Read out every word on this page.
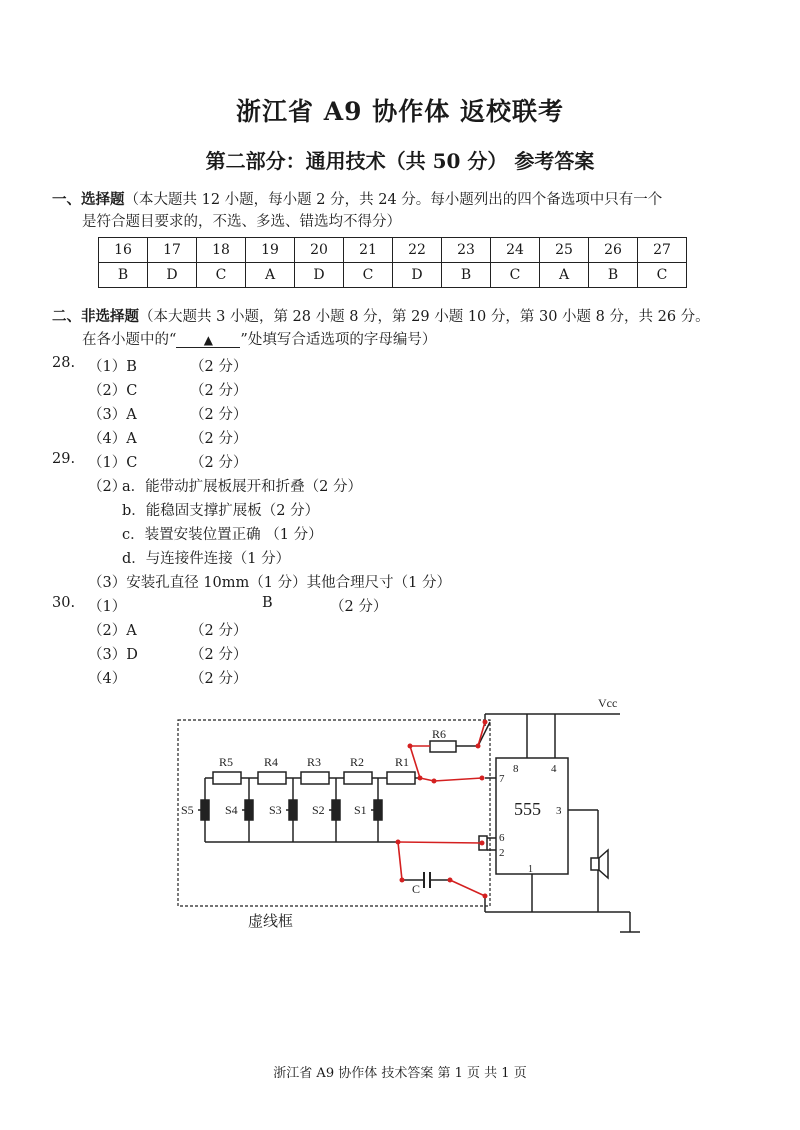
浙江省 A9 协作体 返校联考
第二部分：通用技术（共 50 分） 参考答案
一、选择题（本大题共 12 小题，每小题 2 分，共 24 分。每小题列出的四个备选项中只有一个
是符合题目要求的，不选、多选、错选均不得分）
16	17	18	19	20	21	22	23	24	25	26	27
B	D	C	A	D	C	D	B	C	A	B	C
二、非选择题（本大题共 3 小题，第 28 小题 8 分，第 29 小题 10 分，第 30 小题 8 分，共 26 分。
在各小题中的“ ▲ ”处填写合适选项的字母编号）
28. （1）B	（2 分）
（2）C	（2 分）
（3）A	（2 分）
（4）A	（2 分）
29. （1）C	（2 分）
（2）
a．能带动扩展板展开和折叠（2 分）
b．能稳固支撑扩展板（2 分）
c．装置安装位置正确 （1 分）
d．与连接件连接（1 分）
（3）安装孔直径 10mm（1 分）其他合理尺寸（1 分）
30. （1）	B	（2 分）
（2）A	（2 分）
（3）D	（2 分）
（4）	（2 分）
Vcc
R5	R4 R3 R2	R1
R6
S5	S4	S3	S2 S1
C
8	4
7
6
2
3
1
555
虚线框
浙江省 A9 协作体 技术答案 第 1 页 共 1 页
